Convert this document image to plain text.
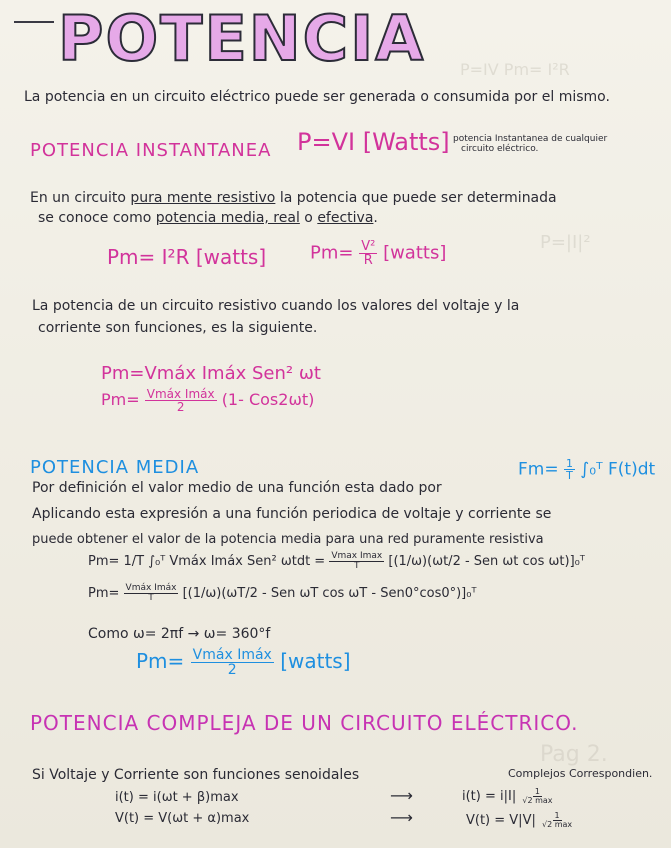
P=IV Pm= I²R
P=|I|²
Pag 2.
POTENCIA
La potencia en un circuito eléctrico puede ser generada o consumida por el mismo.
POTENCIA INSTANTANEA P=VI [Watts] potencia Instantanea de cualquier
circuito eléctrico.
En un circuito pura mente resistivo la potencia que puede ser determinada
se conoce como potencia media, real o efectiva.
Pm= I²R [watts] $Pm= \frac{\text{V²}}{R}$ [watts]
La potencia de un circuito resistivo cuando los valores del voltaje y la
corriente son funciones, es la siguiente.
Pm=Vmáx Imáx Sen² ωt
$Pm= \frac{\text{Vmáx Imáx}}{2} (1-$ Cos2ωt)
POTENCIA MEDIA
Por definición el valor medio de una función esta dado por
$Fm= \frac{1}{T}$ ∫₀ᵀ F(t)dt
Aplicando esta expresión a una función periodica de voltaje y corriente se
puede obtener el valor de la potencia media para una red puramente resistiva
Pm= 1/T ∫₀ᵀ Vmáx Imáx Sen² $\omega tdt = \frac{\text{Vmax Imax}}{T} [(1/\omega)(\omega t/2$ - Sen ωt cos ωt)]₀ᵀ
$Pm= \frac{\text{Vmáx Imáx}}{T} [(1/\omega)(\omega T/2$ - Sen ωT cos ωT - Sen0°cos0°)]₀ᵀ
Como ω= 2πf → ω= 360°f
$Pm= \frac{\text{Vmáx Imáx}}{2}$ [watts]
POTENCIA COMPLEJA DE UN CIRCUITO ELÉCTRICO.
Si Voltaje y Corriente son funciones senoidales	Complejos Correspondien.
i(t) = i(ωt + β)max
V(t) = V(ωt + α)max
⟶
⟶
$i(t) = i|I| \frac{1}{√2 \max}$
$V(t) = V|V| \frac{1}{√2 \max}$
